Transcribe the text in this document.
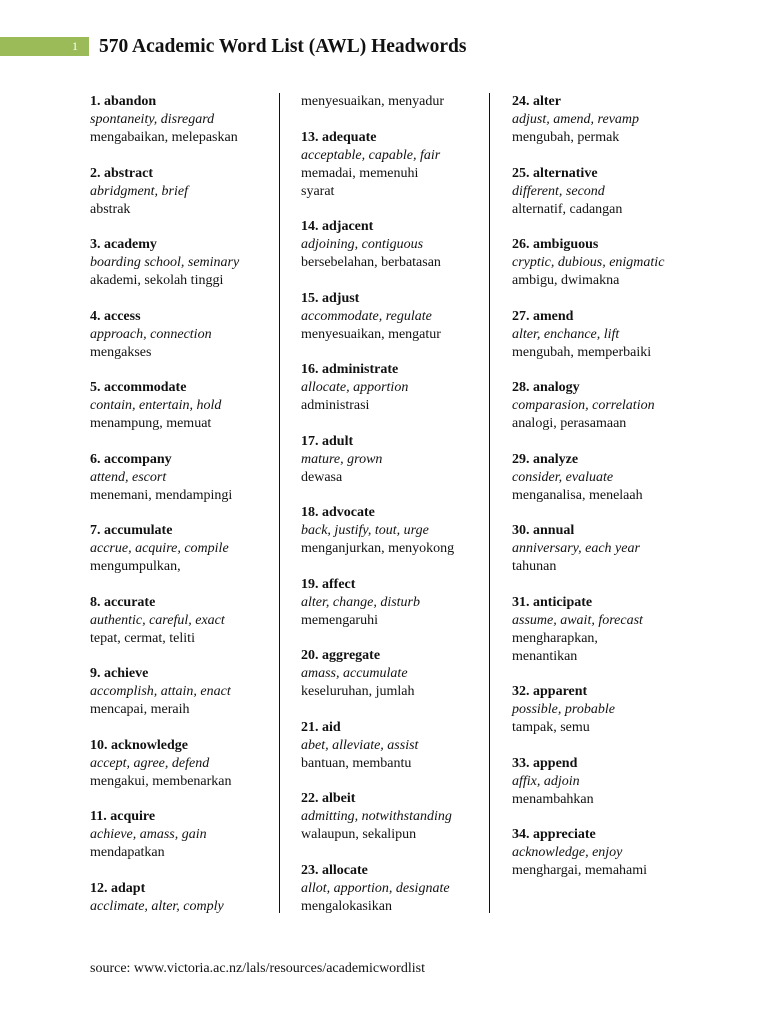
1 570 Academic Word List (AWL) Headwords
1. abandon
spontaneity, disregard
mengabaikan, melepaskan
2. abstract
abridgment, brief
abstrak
3. academy
boarding school, seminary
akademi, sekolah tinggi
4. access
approach, connection
mengakses
5. accommodate
contain, entertain, hold
menampung, memuat
6. accompany
attend, escort
menemani, mendampingi
7. accumulate
accrue, acquire, compile
mengumpulkan,
8. accurate
authentic, careful, exact
tepat, cermat, teliti
9. achieve
accomplish, attain, enact
mencapai, meraih
10. acknowledge
accept, agree, defend
mengakui, membenarkan
11. acquire
achieve, amass, gain
mendapatkan
12. adapt
acclimate, alter, comply
menyesuaikan, menyadur
13. adequate
acceptable, capable, fair
memadai, memenuhi
syarat
14. adjacent
adjoining, contiguous
bersebelahan, berbatasan
15. adjust
accommodate, regulate
menyesuaikan, mengatur
16. administrate
allocate, apportion
administrasi
17. adult
mature, grown
dewasa
18. advocate
back, justify, tout, urge
menganjurkan, menyokong
19. affect
alter, change, disturb
memengaruhi
20. aggregate
amass, accumulate
keseluruhan, jumlah
21. aid
abet, alleviate, assist
bantuan, membantu
22. albeit
admitting, notwithstanding
walaupun, sekalipun
23. allocate
allot, apportion, designate
mengalokasikan
24. alter
adjust, amend, revamp
mengubah, permak
25. alternative
different, second
alternatif, cadangan
26. ambiguous
cryptic, dubious, enigmatic
ambigu, dwimakna
27. amend
alter, enchance, lift
mengubah, memperbaiki
28. analogy
comparasion, correlation
analogi, perasamaan
29. analyze
consider, evaluate
menganalisa, menelaah
30. annual
anniversary, each year
tahunan
31. anticipate
assume, await, forecast
mengharapkan,
menantikan
32. apparent
possible, probable
tampak, semu
33. append
affix, adjoin
menambahkan
34. appreciate
acknowledge, enjoy
menghargai, memahami
source: www.victoria.ac.nz/lals/resources/academicwordlist
